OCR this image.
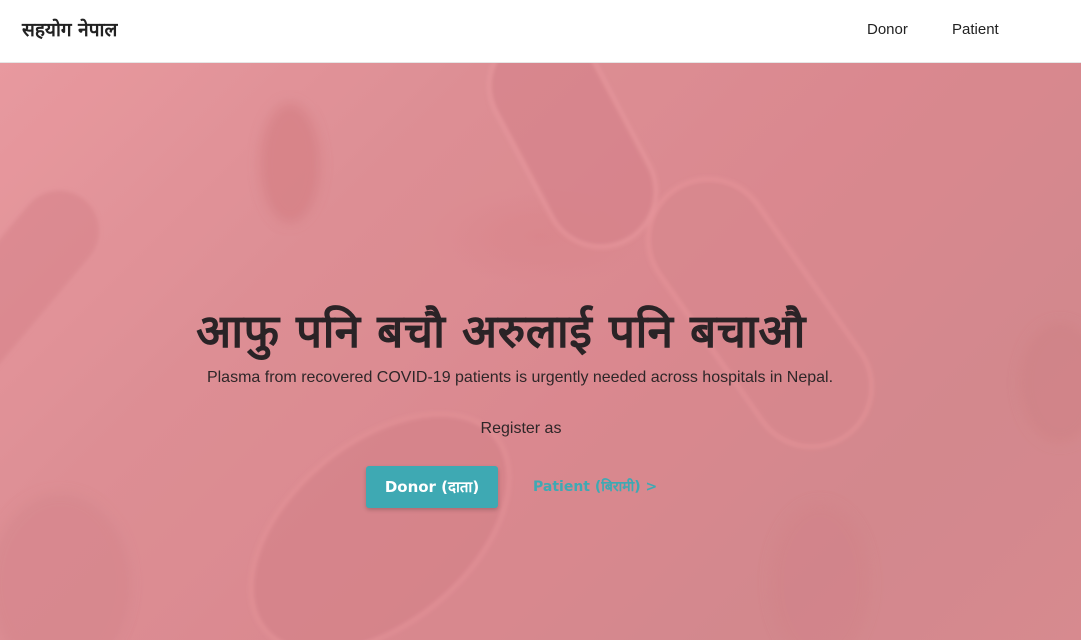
सहयोग नेपाल	Donor	Patient
आफु पनि बचौ अरुलाई पनि बचाऔ

Plasma from recovered COVID-19 patients is urgently needed across hospitals in Nepal.

Register as

Donor (दाता)	Patient (बिरामी) >
